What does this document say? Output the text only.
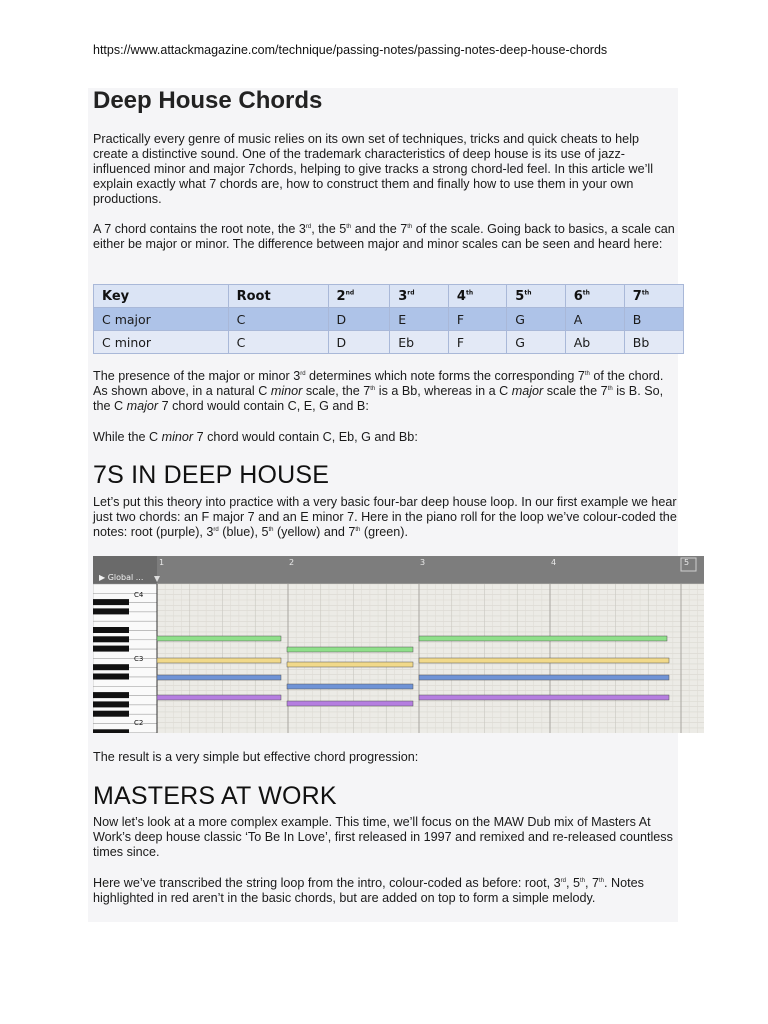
https://www.attackmagazine.com/technique/passing-notes/passing-notes-deep-house-chords
Deep House Chords
Practically every genre of music relies on its own set of techniques, tricks and quick cheats to help create a distinctive sound. One of the trademark characteristics of deep house is its use of jazz-influenced minor and major 7chords, helping to give tracks a strong chord-led feel. In this article we’ll explain exactly what 7 chords are, how to construct them and finally how to use them in your own productions.
A 7 chord contains the root note, the 3rd, the 5th and the 7th of the scale. Going back to basics, a scale can either be major or minor. The difference between major and minor scales can be seen and heard here:
Key	Root	2nd	3rd	4th	5th	6th	7th
C major	C	D	E	F	G	A	B
C minor	C	D	Eb	F	G	Ab	Bb
The presence of the major or minor 3rd determines which note forms the corresponding 7th of the chord. As shown above, in a natural C minor scale, the 7th is a Bb, whereas in a C major scale the 7th is B. So, the C major 7 chord would contain C, E, G and B:
While the C minor 7 chord would contain C, Eb, G and Bb:
7S IN DEEP HOUSE
Let’s put this theory into practice with a very basic four-bar deep house loop. In our first example we hear just two chords: an F major 7 and an E minor 7. Here in the piano roll for the loop we’ve colour-coded the notes: root (purple), 3rd (blue), 5th (yellow) and 7th (green).
▶ Global ...
1	2	3	4	5
C4
C3
C2
The result is a very simple but effective chord progression:
MASTERS AT WORK
Now let’s look at a more complex example. This time, we’ll focus on the MAW Dub mix of Masters At Work’s deep house classic ‘To Be In Love’, first released in 1997 and remixed and re-released countless times since.
Here we’ve transcribed the string loop from the intro, colour-coded as before: root, 3rd, 5th, 7th. Notes highlighted in red aren’t in the basic chords, but are added on top to form a simple melody.
